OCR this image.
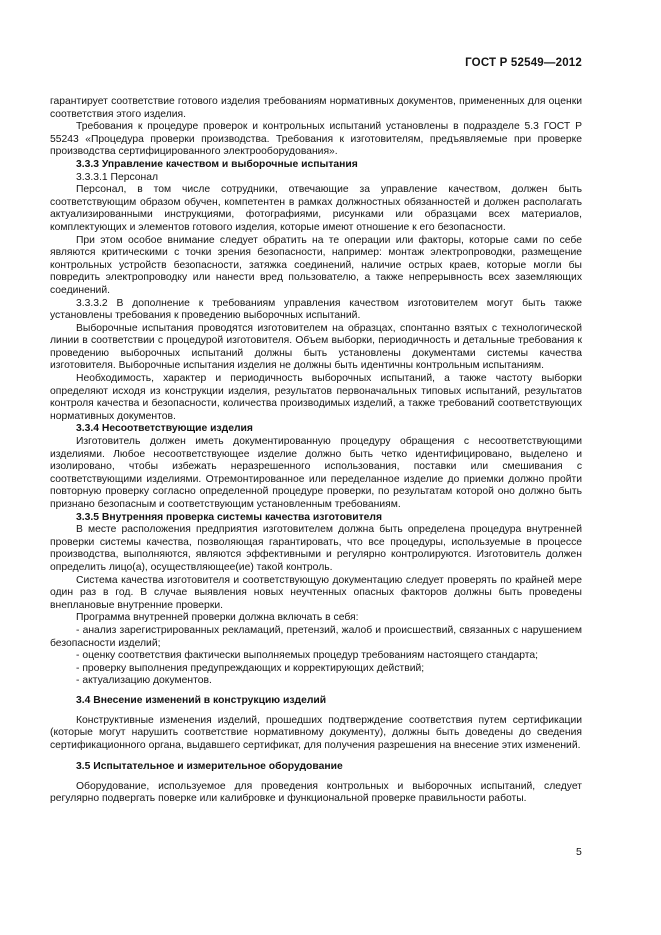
ГОСТ Р 52549—2012

гарантирует соответствие готового изделия требованиям нормативных документов, примененных для оценки соответствия этого изделия.

Требования к процедуре проверок и контрольных испытаний установлены в подразделе 5.3 ГОСТ Р 55243 «Процедура проверки производства. Требования к изготовителям, предъявляемые при проверке производства сертифицированного электрооборудования».

3.3.3 Управление качеством и выборочные испытания

3.3.3.1 Персонал

Персонал, в том числе сотрудники, отвечающие за управление качеством, должен быть соответствующим образом обучен, компетентен в рамках должностных обязанностей и должен располагать актуализированными инструкциями, фотографиями, рисунками или образцами всех материалов, комплектующих и элементов готового изделия, которые имеют отношение к его безопасности.

При этом особое внимание следует обратить на те операции или факторы, которые сами по себе являются критическими с точки зрения безопасности, например: монтаж электропроводки, размещение контрольных устройств безопасности, затяжка соединений, наличие острых краев, которые могли бы повредить электропроводку или нанести вред пользователю, а также непрерывность всех заземляющих соединений.

3.3.3.2 В дополнение к требованиям управления качеством изготовителем могут быть также установлены требования к проведению выборочных испытаний.

Выборочные испытания проводятся изготовителем на образцах, спонтанно взятых с технологической линии в соответствии с процедурой изготовителя. Объем выборки, периодичность и детальные требования к проведению выборочных испытаний должны быть установлены документами системы качества изготовителя. Выборочные испытания изделия не должны быть идентичны контрольным испытаниям.

Необходимость, характер и периодичность выборочных испытаний, а также частоту выборки определяют исходя из конструкции изделия, результатов первоначальных типовых испытаний, результатов контроля качества и безопасности, количества производимых изделий, а также требований соответствующих нормативных документов.

3.3.4 Несоответствующие изделия

Изготовитель должен иметь документированную процедуру обращения с несоответствующими изделиями. Любое несоответствующее изделие должно быть четко идентифицировано, выделено и изолировано, чтобы избежать неразрешенного использования, поставки или смешивания с соответствующими изделиями. Отремонтированное или переделанное изделие до приемки должно пройти повторную проверку согласно определенной процедуре проверки, по результатам которой оно должно быть признано безопасным и соответствующим установленным требованиям.

3.3.5 Внутренняя проверка системы качества изготовителя

В месте расположения предприятия изготовителем должна быть определена процедура внутренней проверки системы качества, позволяющая гарантировать, что все процедуры, используемые в процессе производства, выполняются, являются эффективными и регулярно контролируются. Изготовитель должен определить лицо(а), осуществляющее(ие) такой контроль.

Система качества изготовителя и соответствующую документацию следует проверять по крайней мере один раз в год. В случае выявления новых неучтенных опасных факторов должны быть проведены внеплановые внутренние проверки.

Программа внутренней проверки должна включать в себя:

- анализ зарегистрированных рекламаций, претензий, жалоб и происшествий, связанных с нарушением безопасности изделий;

- оценку соответствия фактически выполняемых процедур требованиям настоящего стандарта;

- проверку выполнения предупреждающих и корректирующих действий;

- актуализацию документов.

3.4 Внесение изменений в конструкцию изделий

Конструктивные изменения изделий, прошедших подтверждение соответствия путем сертификации (которые могут нарушить соответствие нормативному документу), должны быть доведены до сведения сертификационного органа, выдавшего сертификат, для получения разрешения на внесение этих изменений.

3.5 Испытательное и измерительное оборудование

Оборудование, используемое для проведения контрольных и выборочных испытаний, следует регулярно подвергать поверке или калибровке и функциональной проверке правильности работы.

5
